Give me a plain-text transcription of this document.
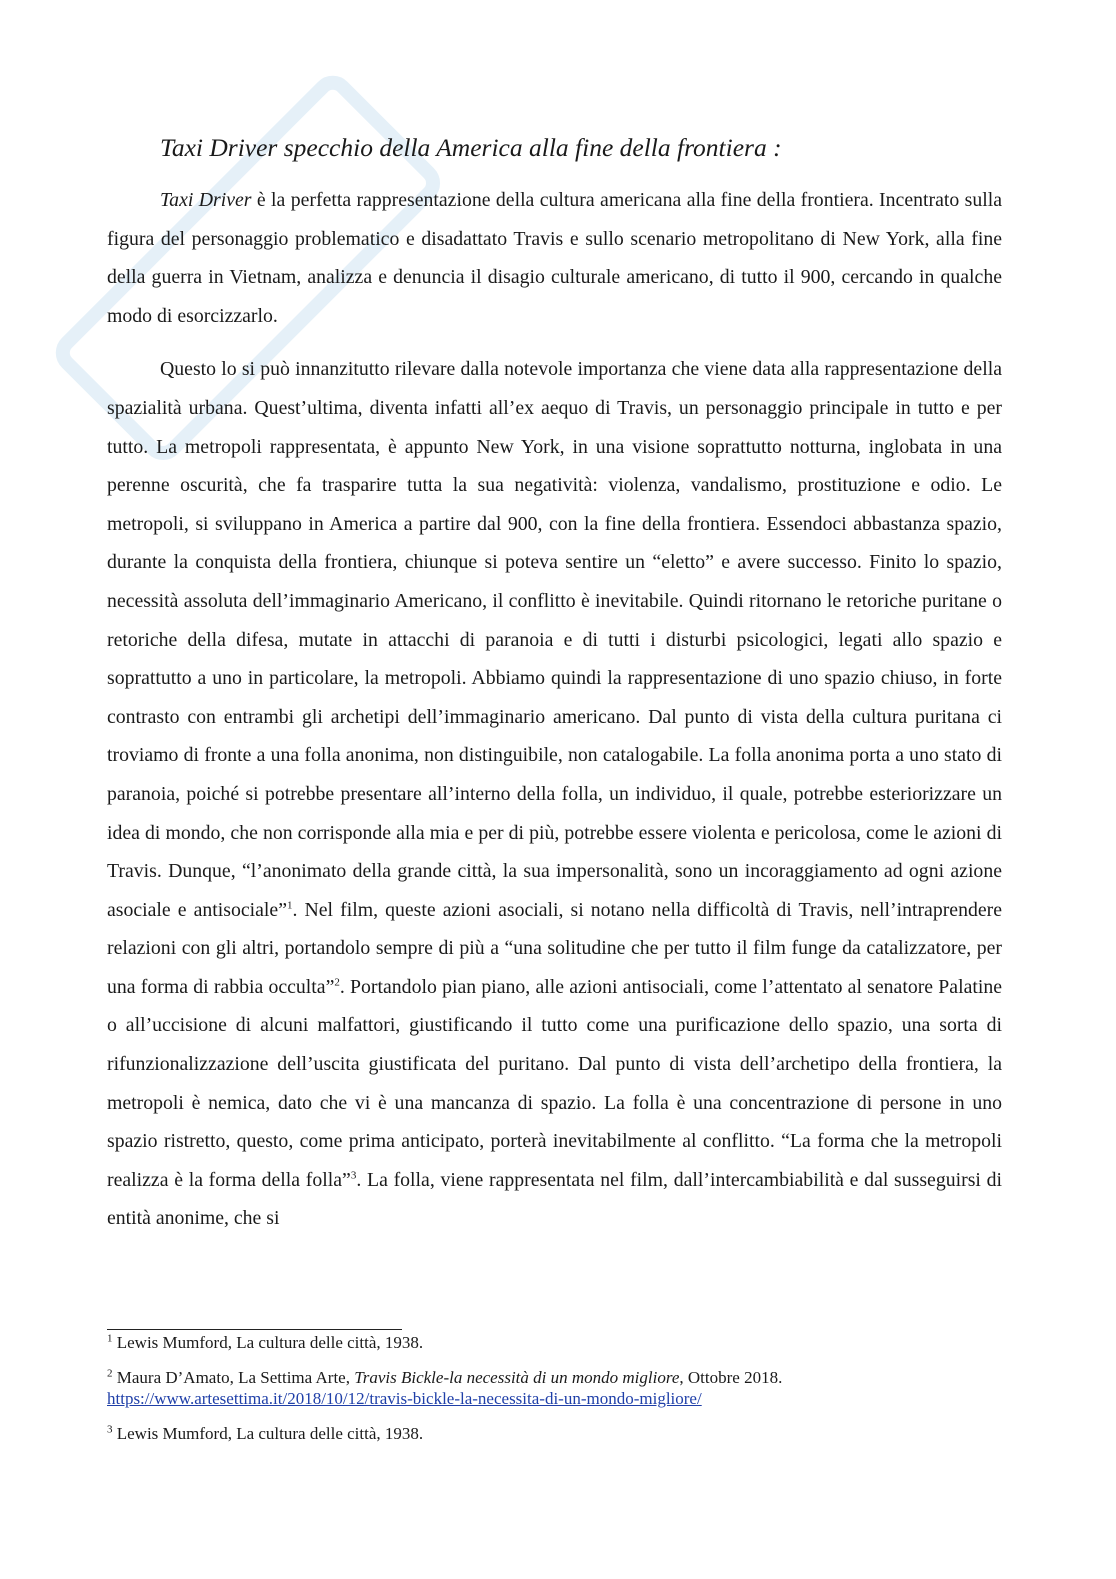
Taxi Driver specchio della America alla fine della frontiera :

Taxi Driver è la perfetta rappresentazione della cultura americana alla fine della frontiera. Incentrato sulla figura del personaggio problematico e disadattato Travis e sullo scenario metropolitano di New York, alla fine della guerra in Vietnam, analizza e denuncia il disagio culturale americano, di tutto il 900, cercando in qualche modo di esorcizzarlo.

Questo lo si può innanzitutto rilevare dalla notevole importanza che viene data alla rappresentazione della spazialità urbana. Quest’ultima, diventa infatti all’ex aequo di Travis, un personaggio principale in tutto e per tutto. La metropoli rappresentata, è appunto New York, in una visione soprattutto notturna, inglobata in una perenne oscurità, che fa trasparire tutta la sua negatività: violenza, vandalismo, prostituzione e odio. Le metropoli, si sviluppano in America a partire dal 900, con la fine della frontiera. Essendoci abbastanza spazio, durante la conquista della frontiera, chiunque si poteva sentire un “eletto” e avere successo. Finito lo spazio, necessità assoluta dell’immaginario Americano, il conflitto è inevitabile. Quindi ritornano le retoriche puritane o retoriche della difesa, mutate in attacchi di paranoia e di tutti i disturbi psicologici, legati allo spazio e soprattutto a uno in particolare, la metropoli. Abbiamo quindi la rappresentazione di uno spazio chiuso, in forte contrasto con entrambi gli archetipi dell’immaginario americano. Dal punto di vista della cultura puritana ci troviamo di fronte a una folla anonima, non distinguibile, non catalogabile. La folla anonima porta a uno stato di paranoia, poiché si potrebbe presentare all’interno della folla, un individuo, il quale, potrebbe esteriorizzare un idea di mondo, che non corrisponde alla mia e per di più, potrebbe essere violenta e pericolosa, come le azioni di Travis. Dunque, “l’anonimato della grande città, la sua impersonalità, sono un incoraggiamento ad ogni azione asociale e antisociale”$^1$. Nel film, queste azioni asociali, si notano nella difficoltà di Travis, nell’intraprendere relazioni con gli altri, portandolo sempre di più a “una solitudine che per tutto il film funge da catalizzatore, per una forma di rabbia occulta”$^2$. Portandolo pian piano, alle azioni antisociali, come l’attentato al senatore Palatine o all’uccisione di alcuni malfattori, giustificando il tutto come una purificazione dello spazio, una sorta di rifunzionalizzazione dell’uscita giustificata del puritano. Dal punto di vista dell’archetipo della frontiera, la metropoli è nemica, dato che vi è una mancanza di spazio. La folla è una concentrazione di persone in uno spazio ristretto, questo, come prima anticipato, porterà inevitabilmente al conflitto. “La forma che la metropoli realizza è la forma della folla”$^3$. La folla, viene rappresentata nel film, dall’intercambiabilità e dal susseguirsi di entità anonime, che si

$^1$ Lewis Mumford, La cultura delle città, 1938.

$^2$ Maura D’Amato, La Settima Arte, Travis Bickle-la necessità di un mondo migliore, Ottobre 2018.
https://www.artesettima.it/2018/10/12/travis-bickle-la-necessita-di-un-mondo-migliore/

$^3$ Lewis Mumford, La cultura delle città, 1938.
